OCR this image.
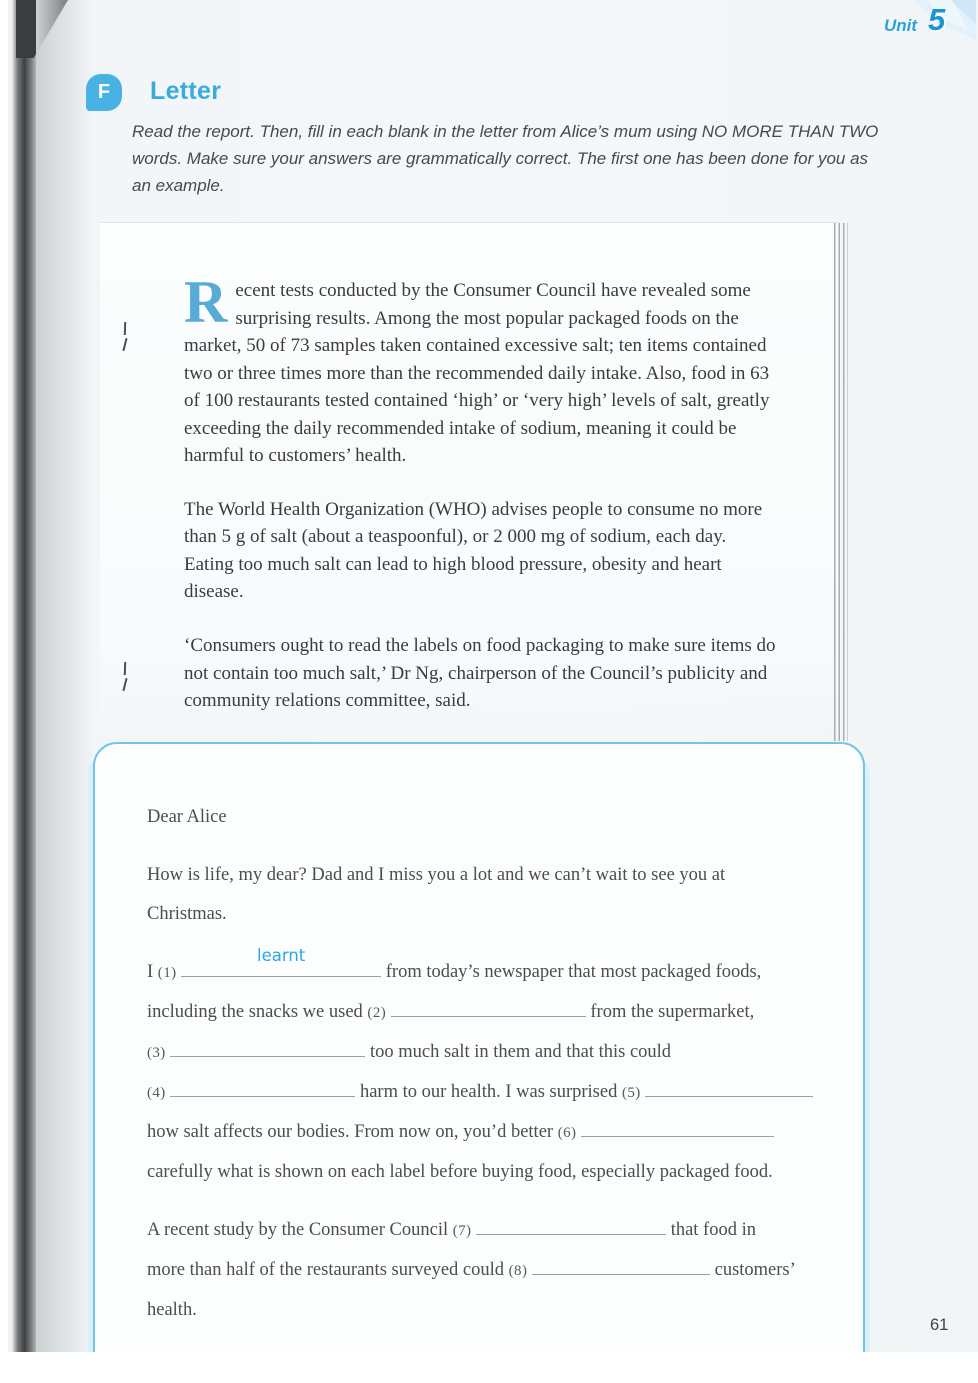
Unit 5
F	Letter
Read the report. Then, fill in each blank in the letter from Alice’s mum using NO MORE THAN TWO words. Make sure your answers are grammatically correct. The first one has been done for you as an example.

Recent tests conducted by the Consumer Council have revealed some surprising results. Among the most popular packaged foods on the market, 50 of 73 samples taken contained excessive salt; ten items contained two or three times more than the recommended daily intake. Also, food in 63 of 100 restaurants tested contained ‘high’ or ‘very high’ levels of salt, greatly exceeding the daily recommended intake of sodium, meaning it could be harmful to customers’ health.

The World Health Organization (WHO) advises people to consume no more than 5 g of salt (about a teaspoonful), or 2 000 mg of sodium, each day. Eating too much salt can lead to high blood pressure, obesity and heart disease.

‘Consumers ought to read the labels on food packaging to make sure items do not contain too much salt,’ Dr Ng, chairperson of the Council’s publicity and community relations committee, said.

Dear Alice

How is life, my dear? Dad and I miss you a lot and we can’t wait to see you at

Christmas.

I (1)
learnt
from today’s newspaper that most packaged foods,

including the snacks we used (2)	from the supermarket,

(3)	too much salt in them and that this could

(4)	harm to our health. I was surprised (5)

how salt affects our bodies. From now on, you’d better (6)

carefully what is shown on each label before buying food, especially packaged food.

A recent study by the Consumer Council (7)	that food in

more than half of the restaurants surveyed could (8)	customers’

health.

61
